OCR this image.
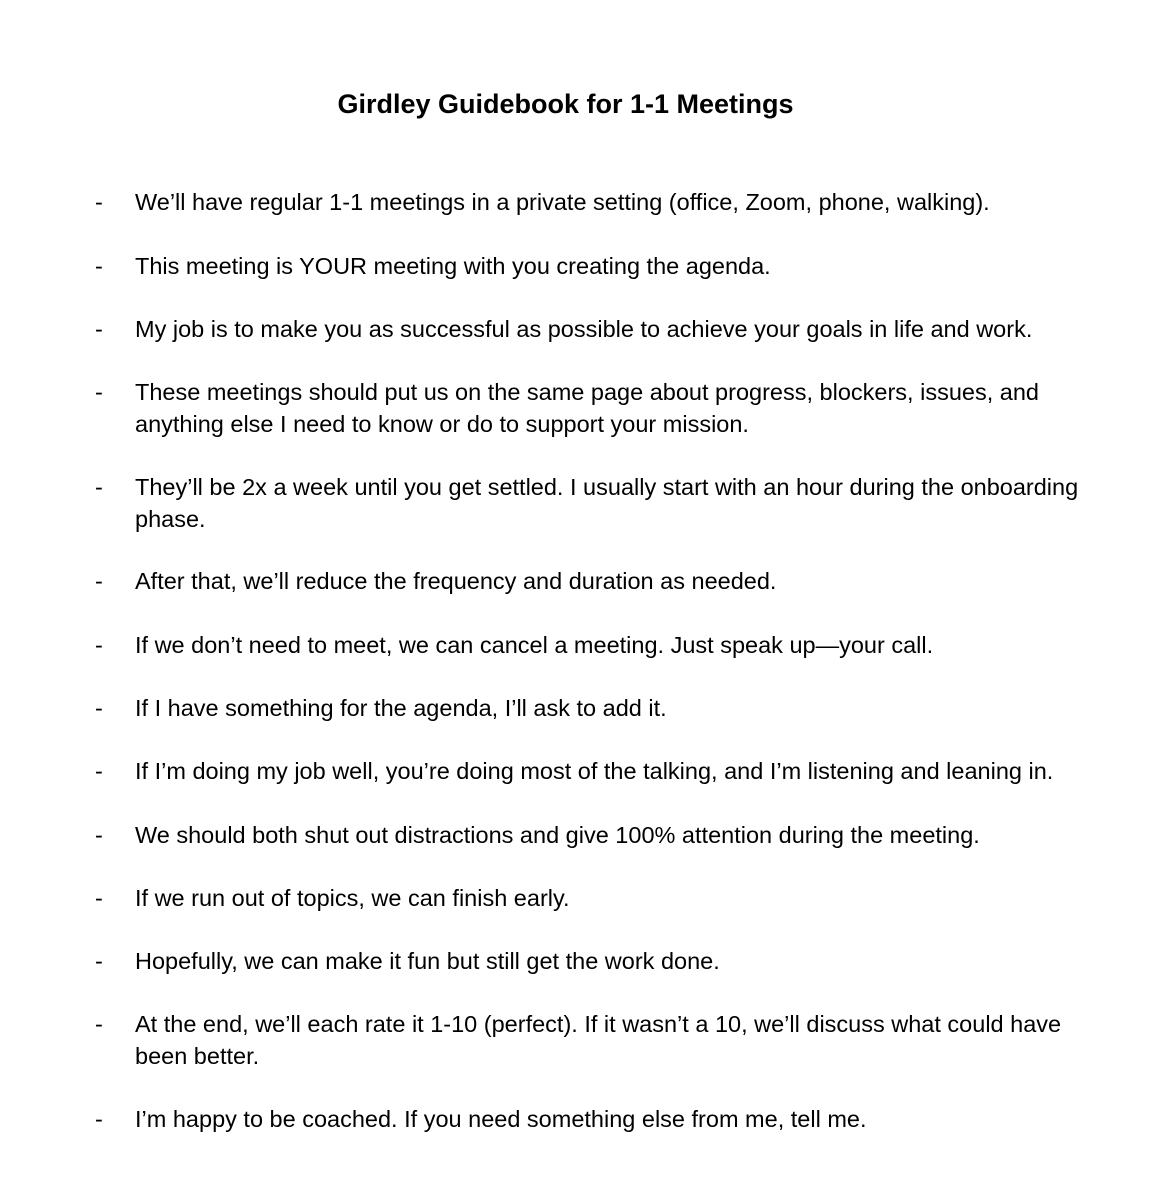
Girdley Guidebook for 1-1 Meetings
-	We’ll have regular 1-1 meetings in a private setting (office, Zoom, phone, walking).
-	This meeting is YOUR meeting with you creating the agenda.
-	My job is to make you as successful as possible to achieve your goals in life and work.
-	These meetings should put us on the same page about progress, blockers, issues, and anything else I need to know or do to support your mission.
-	They’ll be 2x a week until you get settled. I usually start with an hour during the onboarding phase.
-	After that, we’ll reduce the frequency and duration as needed.
-	If we don’t need to meet, we can cancel a meeting. Just speak up—your call.
-	If I have something for the agenda, I’ll ask to add it.
-	If I’m doing my job well, you’re doing most of the talking, and I’m listening and leaning in.
-	We should both shut out distractions and give 100% attention during the meeting.
-	If we run out of topics, we can finish early.
-	Hopefully, we can make it fun but still get the work done.
-	At the end, we’ll each rate it 1-10 (perfect). If it wasn’t a 10, we’ll discuss what could have been better.
-	I’m happy to be coached. If you need something else from me, tell me.
